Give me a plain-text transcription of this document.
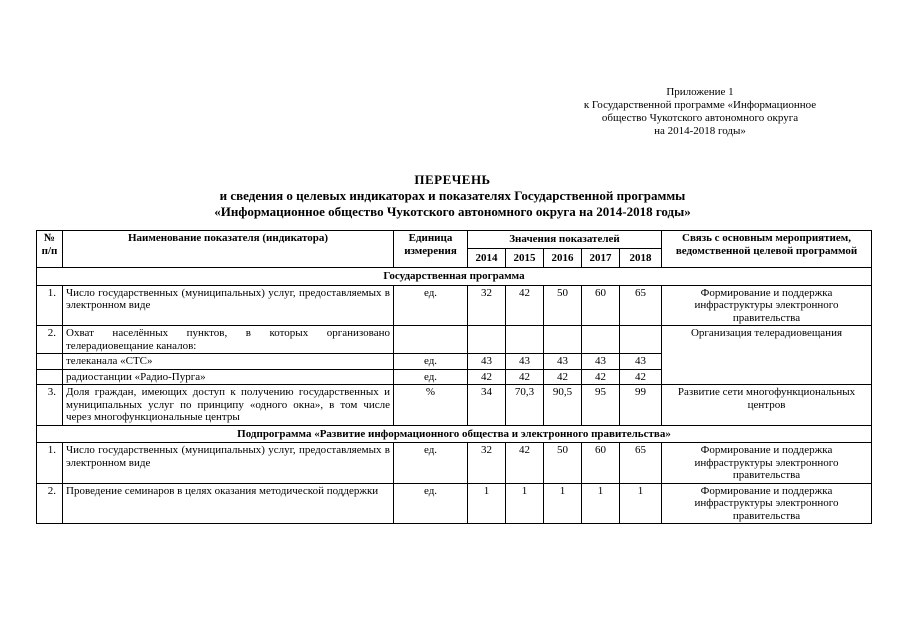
Приложение 1
к Государственной программе «Информационное
общество Чукотского автономного округа
на 2014-2018 годы»
ПЕРЕЧЕНЬ
и сведения о целевых индикаторах и показателях Государственной программы
«Информационное общество Чукотского автономного округа на 2014-2018 годы»
№ п/п	Наименование показателя (индикатора)	Единица измерения	Значения показателей					Связь с основным мероприятием, ведомственной целевой программой
			2014	2015	2016	2017	2018	
Государственная программа								
1.	Число государственных (муниципальных) услуг, предоставляемых в электронном виде	ед.	32	42	50	60	65	Формирование и поддержка инфраструктуры электронного правительства
2.	Охват населённых пунктов, в которых организовано телерадиовещание каналов:							Организация телерадиовещания
	телеканала «СТС»	ед.	43	43	43	43	43	
	радиостанции «Радио-Пурга»	ед.	42	42	42	42	42	
3.	Доля граждан, имеющих доступ к получению государственных и муниципальных услуг по принципу «одного окна», в том числе через многофункциональные центры	%	34	70,3	90,5	95	99	Развитие сети многофункциональных центров
Подпрограмма «Развитие информационного общества и электронного правительства»								
1.	Число государственных (муниципальных) услуг, предоставляемых в электронном виде	ед.	32	42	50	60	65	Формирование и поддержка инфраструктуры электронного правительства
2.	Проведение семинаров в целях оказания методической поддержки	ед.	1	1	1	1	1	Формирование и поддержка инфраструктуры электронного правительства
